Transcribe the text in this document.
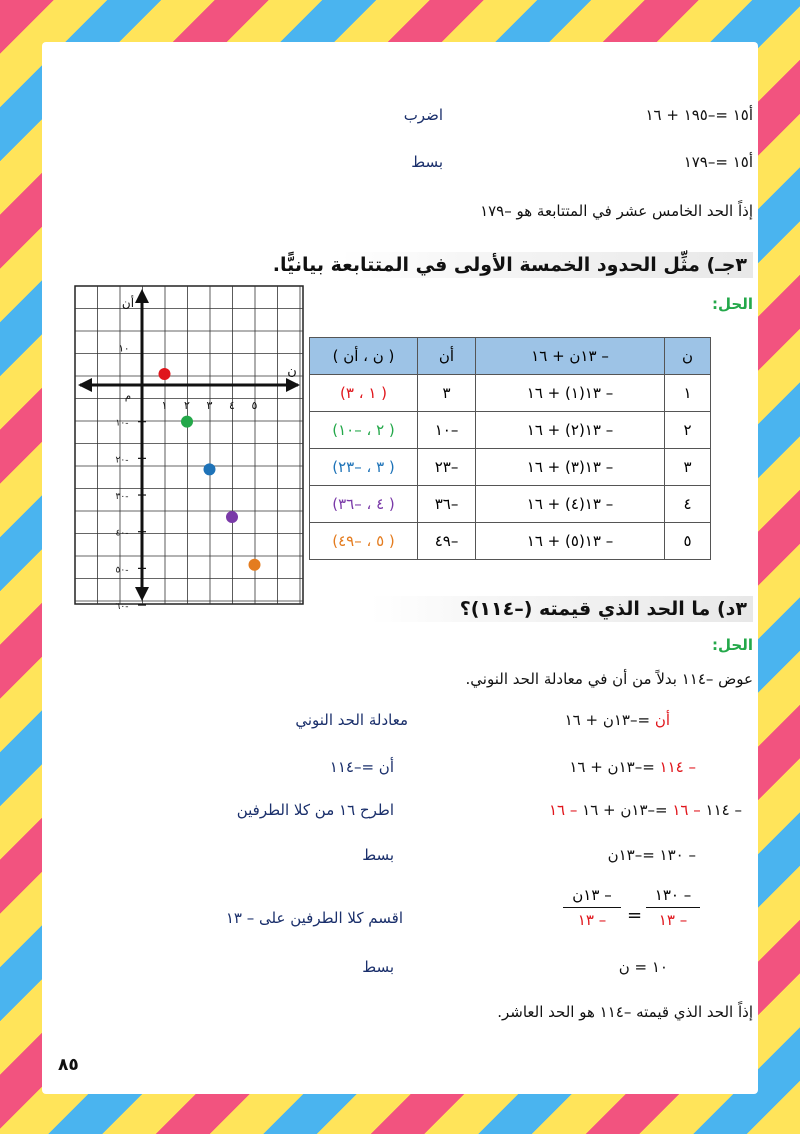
أ١٥ =–١٩٥ + ١٦
اضرب
أ١٥ =–١٧٩
بسط
إذاً الحد الخامس عشر في المتتابعة هو –١٧٩
٣جـ) مثِّل الحدود الخمسة الأولى في المتتابعة بيانيًّا.
الحل:
أن
ن
م
١٠
١ ٢ ٣ ٤ ٥
١٠-
٢٠-
٣٠-
٤٠-
٥٠-
٦٠-
ن	– ١٣ن + ١٦	أن	( ن ، أن )
١	– ١٣(١) + ١٦	٣	( ١ ، ٣)
٢	– ١٣(٢) + ١٦	–١٠	( ٢ ، –١٠)
٣	– ١٣(٣) + ١٦	–٢٣	( ٣ ، –٢٣)
٤	– ١٣(٤) + ١٦	–٣٦	( ٤ ، –٣٦)
٥	– ١٣(٥) + ١٦	–٤٩	( ٥ ، –٤٩)
٣د) ما الحد الذي قيمته (–١١٤)؟
الحل:
عوض –١١٤ بدلاً من أن في معادلة الحد النوني.
أن =–١٣ن + ١٦
معادلة الحد النوني
– ١١٤ =–١٣ن + ١٦
أن =–١١٤
– ١١٤ – ١٦ =–١٣ن + ١٦ – ١٦
اطرح ١٦ من كلا الطرفين
– ١٣٠ =–١٣ن
بسط
– ١٣٠
– ١٣
=
– ١٣ن
– ١٣
اقسم كلا الطرفين على – ١٣
١٠ = ن
بسط
إذاً الحد الذي قيمته –١١٤ هو الحد العاشر.
٨٥
